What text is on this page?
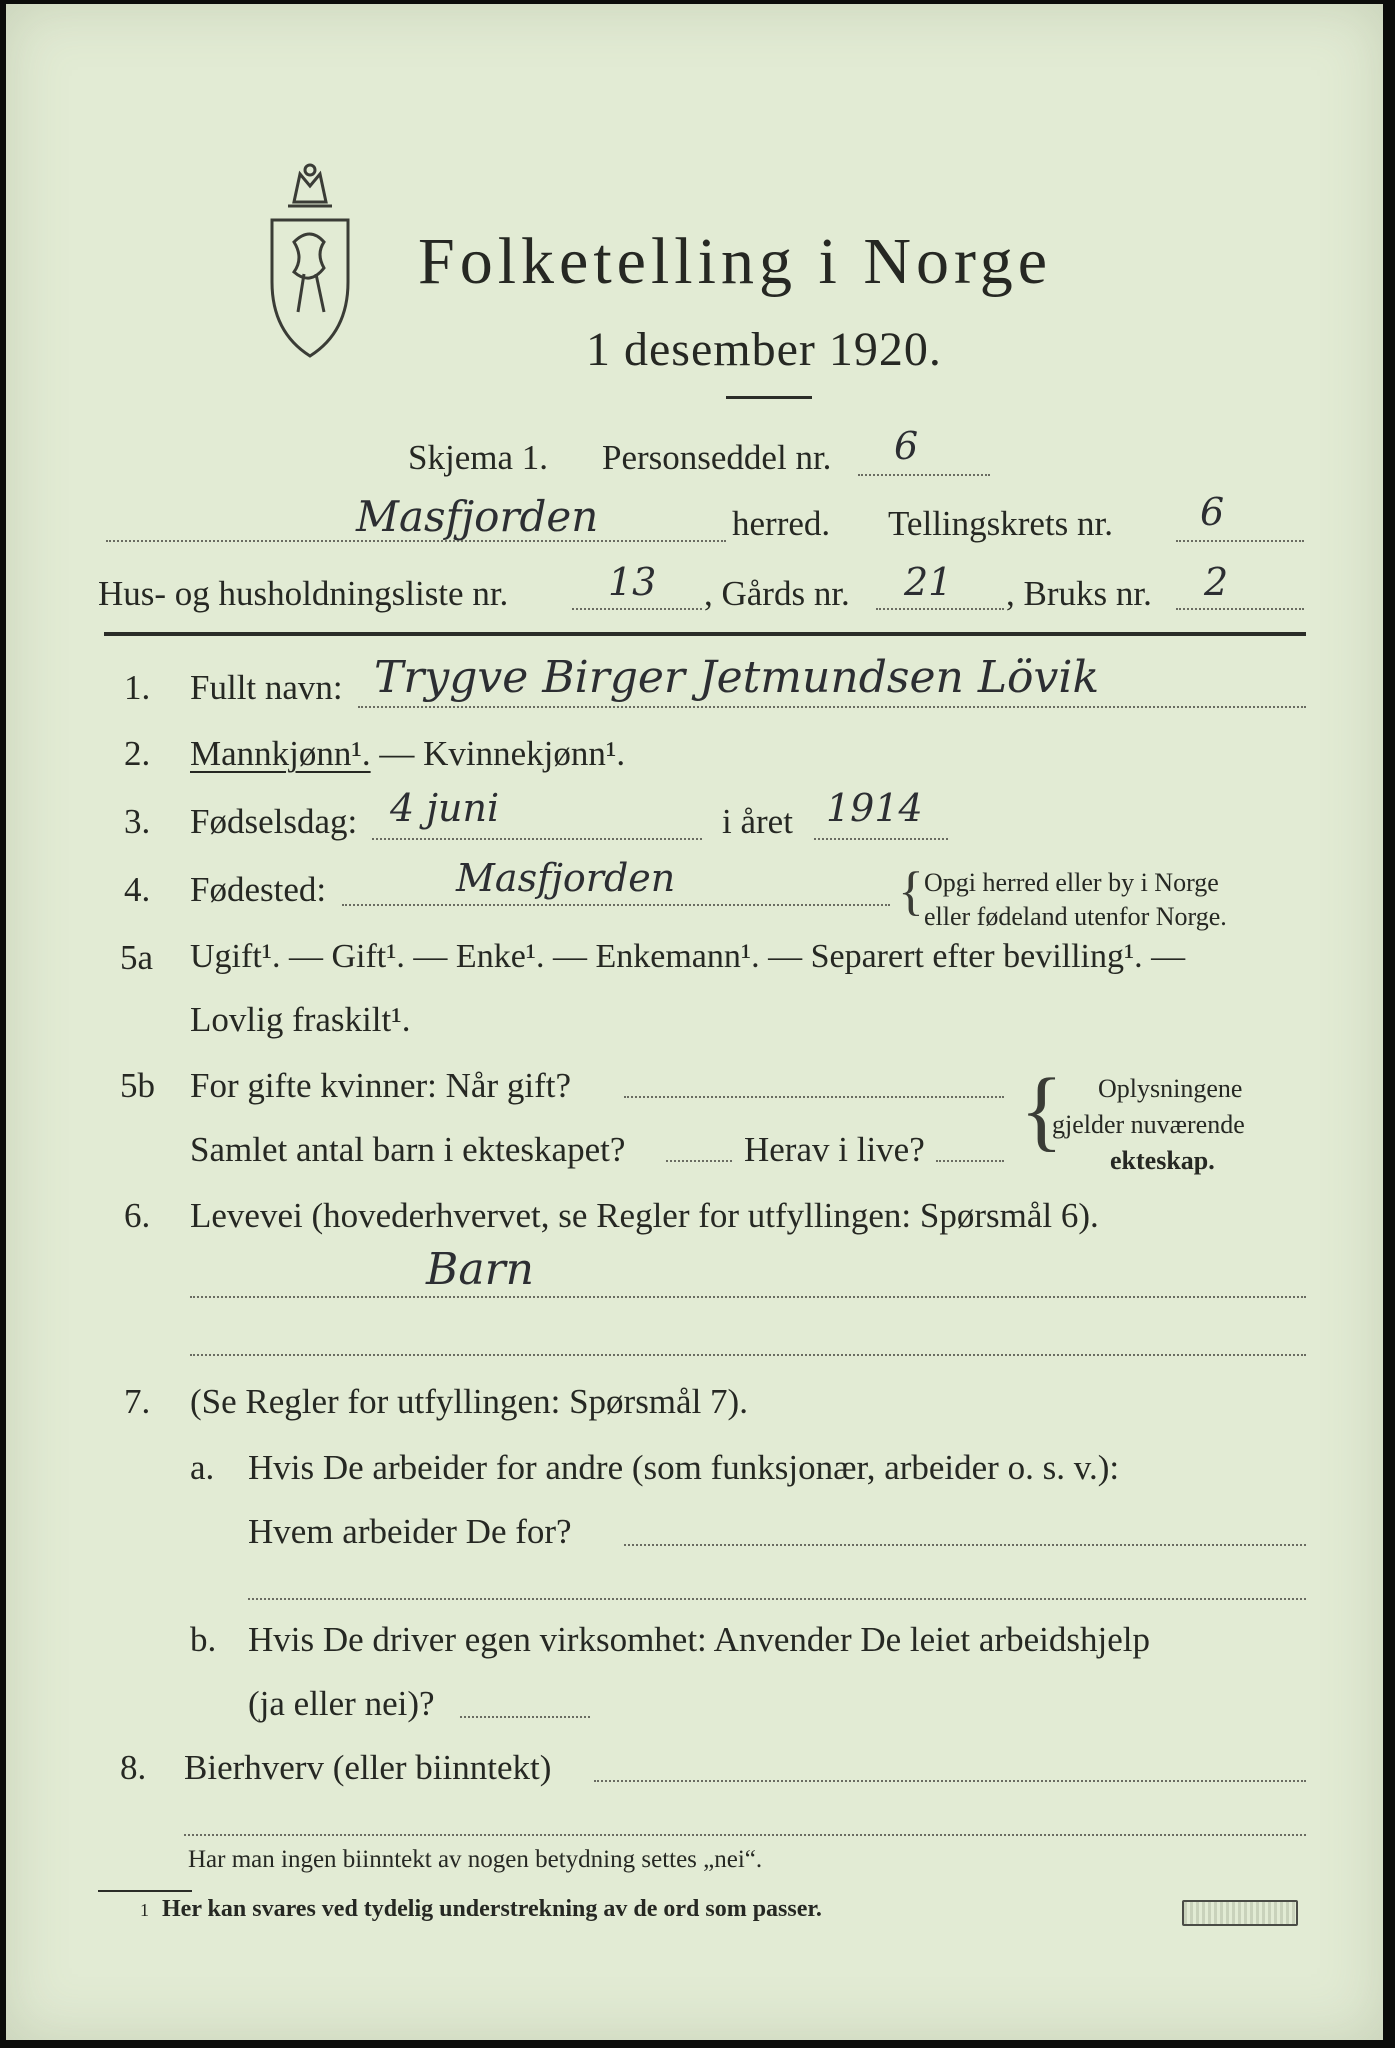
Folketelling i Norge
1 desember 1920.
Skjema 1. Personseddel nr. 6
Masfjorden	herred. Tellingskrets nr. 6
Hus- og husholdningsliste nr.	13 , Gårds nr. 21 , Bruks nr. 2
1. Fullt navn: Trygve Birger Jetmundsen Lövik
2. Mannkjønn¹. — Kvinnekjønn¹.
3. Fødselsdag: 4 juni	i året 1914
4. Fødested:	Masfjorden	{ Opgi herred eller by i Norge
eller fødeland utenfor Norge.
5a Ugift¹. — Gift¹. — Enke¹. — Enkemann¹. — Separert efter bevilling¹. —
Lovlig fraskilt¹.
5b For gifte kvinner: Når gift?
Samlet antal barn i ekteskapet?	Herav i live? { Oplysningene
gjelder nuværende
ekteskap.
6. Levevei (hovederhvervet, se Regler for utfyllingen: Spørsmål 6).
Barn
7. (Se Regler for utfyllingen: Spørsmål 7).
a. Hvis De arbeider for andre (som funksjonær, arbeider o. s. v.):
Hvem arbeider De for?
b. Hvis De driver egen virksomhet: Anvender De leiet arbeidshjelp
(ja eller nei)?
8. Bierhverv (eller biinntekt)
Har man ingen biinntekt av nogen betydning settes „nei“.
1 Her kan svares ved tydelig understrekning av de ord som passer.
